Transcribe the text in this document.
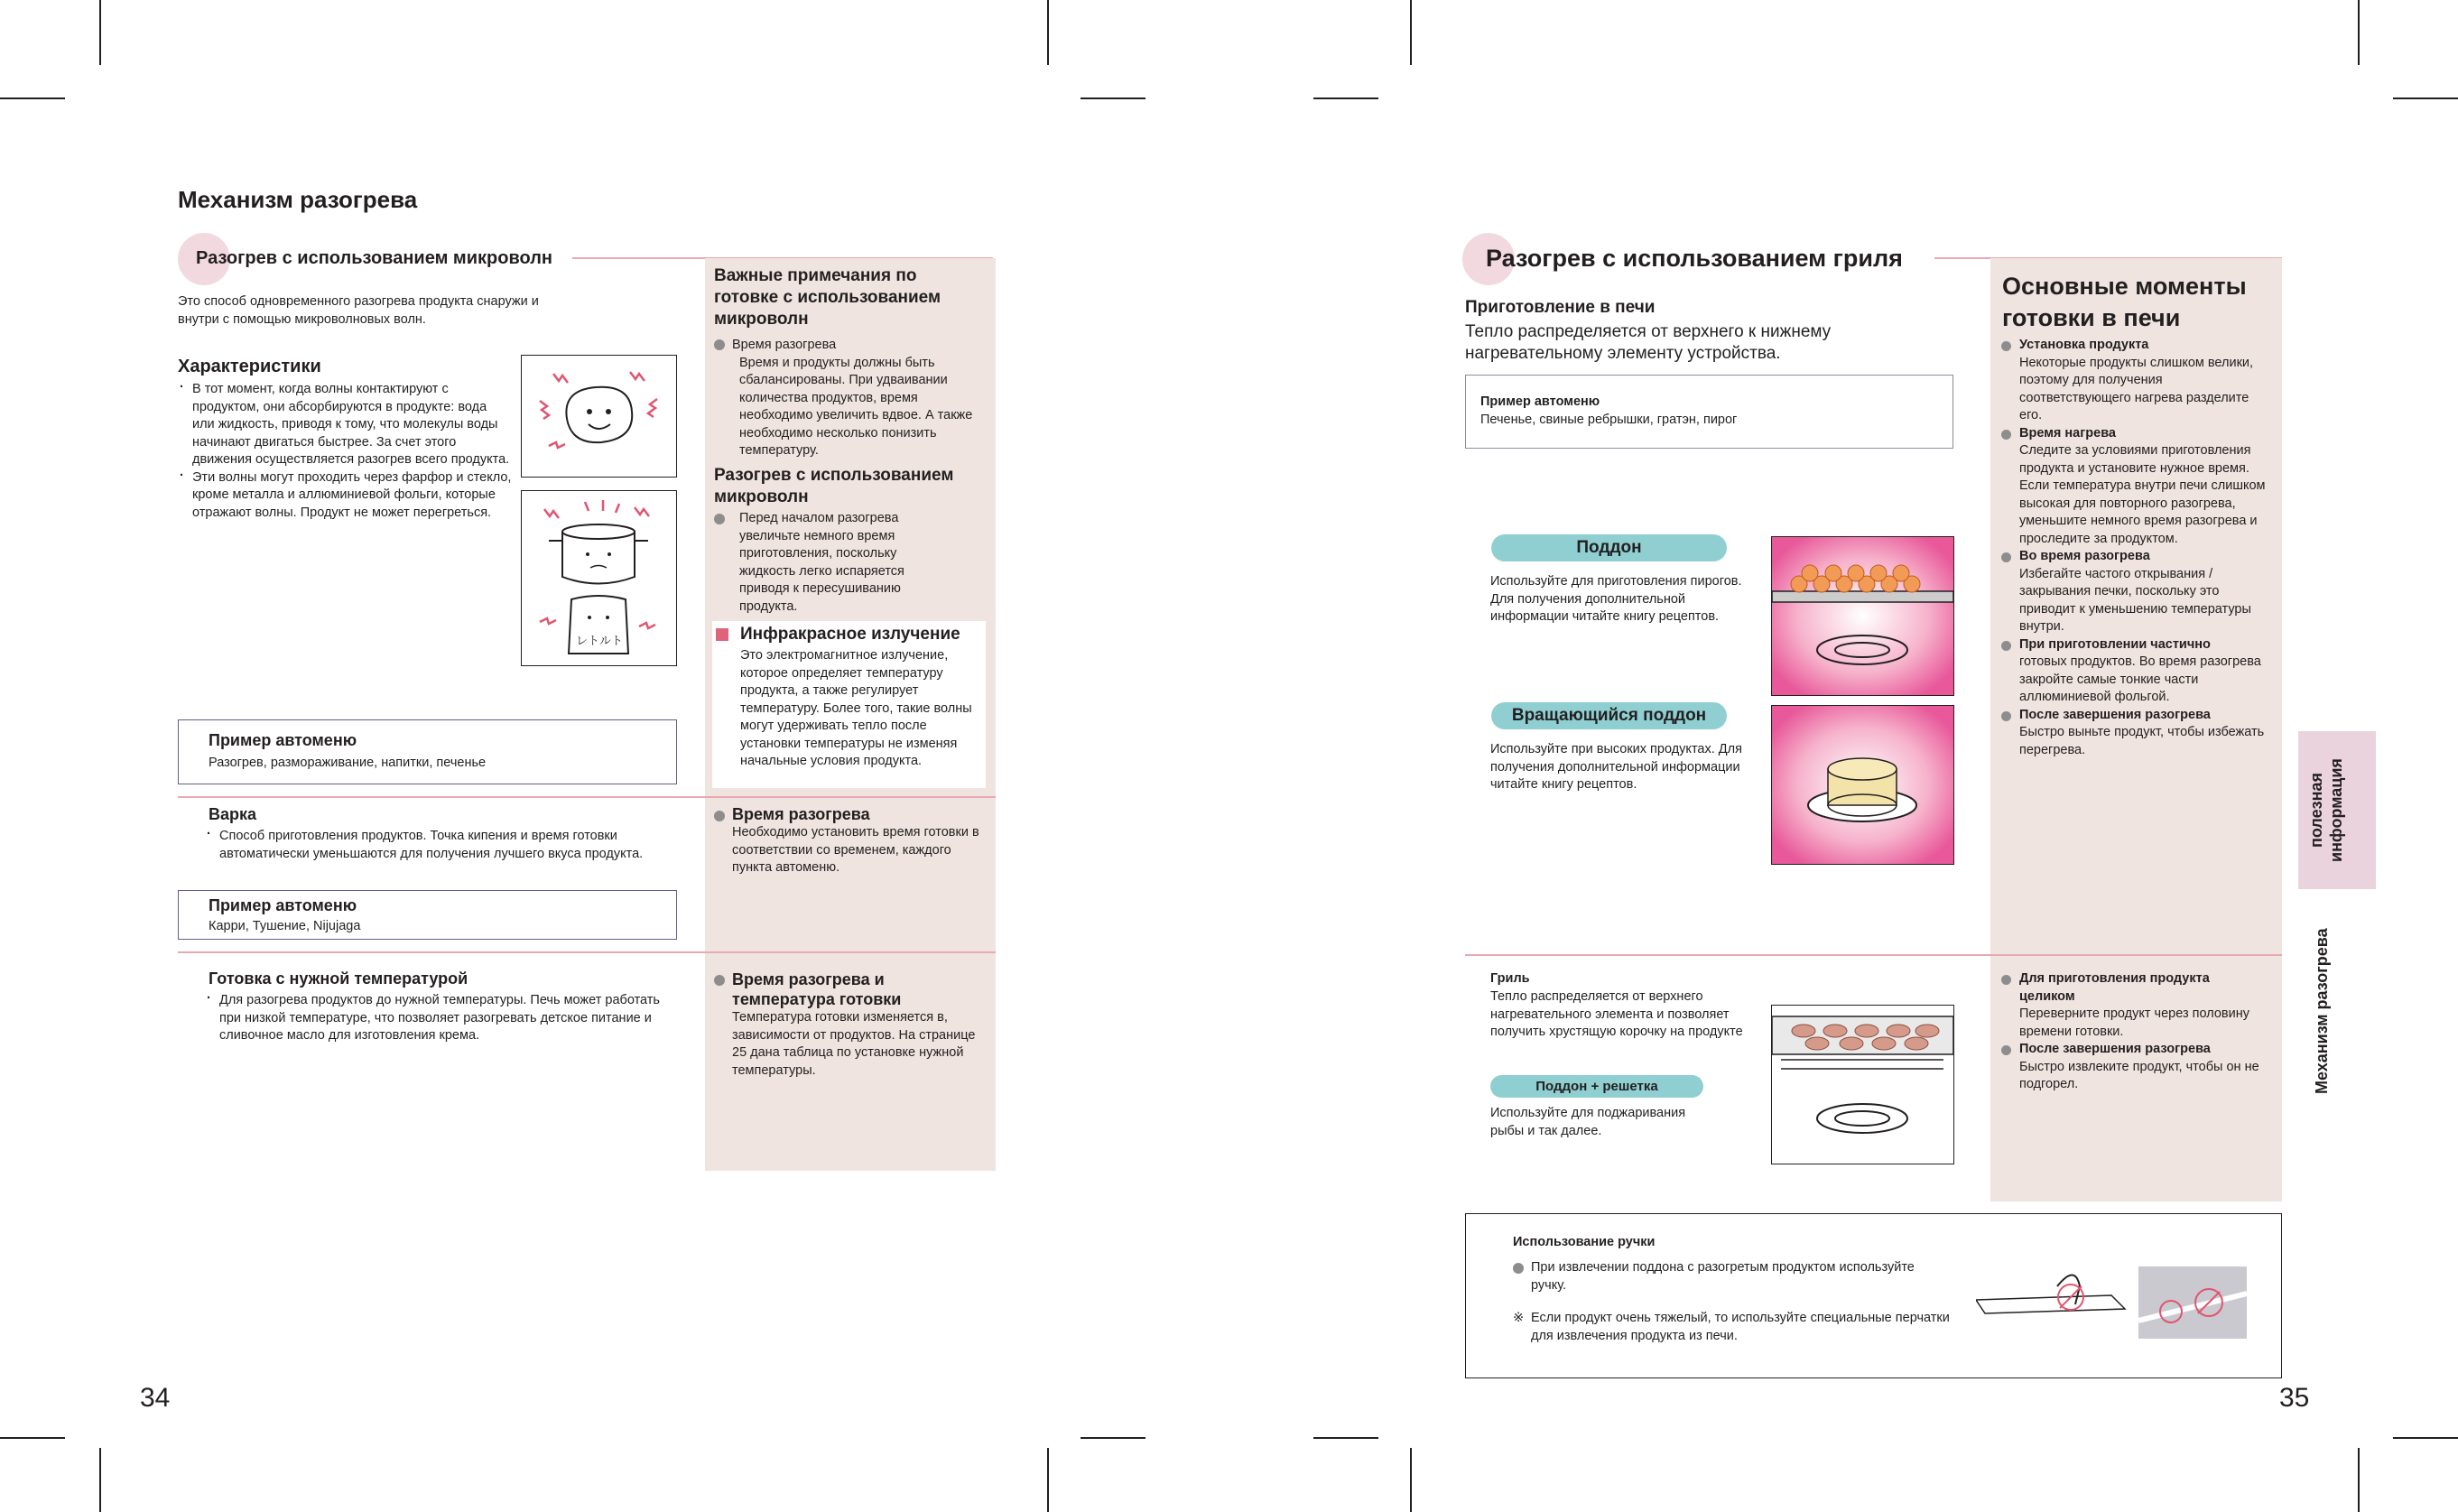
Механизм разогрева
Разогрев с использованием микроволн
Это способ одновременного разогрева продукта снаружи и внутри с помощью микроволновых волн.
Характеристики
· В тот момент, когда волны контактируют с продуктом, они абсорбируются в продукте: вода или жидкость, приводя к тому, что молекулы воды начинают двигаться быстрее. За счет этого движения осуществляется разогрев всего продукта.
· Эти волны могут проходить через фарфор и стекло, кроме металла и аллюминиевой фольги, которые отражают волны. Продукт не может перегреться.
レトルト
Пример автоменю
Разогрев, размораживание, напитки, печенье
Варка
· Способ приготовления продуктов. Точка кипения и время готовки автоматически уменьшаются для получения лучшего вкуса продукта.
Пример автоменю
Карри, Тушение, Nijujaga
Готовка с нужной температурой
· Для разогрева продуктов до нужной температуры. Печь может работать при низкой температуре, что позволяет разогревать детское питание и сливочное масло для изготовления крема.
Важные примечания по готовке с использованием микроволн
Время разогрева
Время и продукты должны быть сбалансированы. При удваивании количества продуктов, время необходимо увеличить вдвое. А также необходимо несколько понизить температуру.
Разогрев с использованием микроволн
Перед началом разогрева увеличьте немного время приготовления, поскольку жидкость легко испаряется приводя к пересушиванию продукта.
Инфракрасное излучение
Это электромагнитное излучение, которое определяет температуру продукта, а также регулирует температуру. Более того, такие волны могут удерживать тепло после установки температуры не изменяя начальные условия продукта.
Время разогрева
Необходимо установить время готовки в соответствии со временем, каждого пункта автоменю.
Время разогрева и температура готовки
Температура готовки изменяется в, зависимости от продуктов. На странице 25 дана таблица по установке нужной температуры.
34
Разогрев с использованием гриля
Приготовление в печи
Тепло распределяется от верхнего к нижнему нагревательному элементу устройства.
Пример автоменю
Печенье, свиные ребрышки, гратэн, пирог
Поддон
Используйте для приготовления пирогов. Для получения дополнительной информации читайте книгу рецептов.
Вращающийся поддон
Используйте при высоких продуктах. Для получения дополнительной информации читайте книгу рецептов.
Гриль
Тепло распределяется от верхнего нагревательного элемента и позволяет получить хрустящую корочку на продукте
Поддон + решетка
Используйте для поджаривания рыбы и так далее.
Использование ручки
При извлечении поддона с разогретым продуктом используйте ручку.
※ Если продукт очень тяжелый, то используйте специальные перчатки для извлечения продукта из печи.
Основные моменты готовки в печи
Установка продукта
Некоторые продукты слишком велики, поэтому для получения соответствующего нагрева разделите его.
Время нагрева
Следите за условиями приготовления продукта и установите нужное время. Если температура внутри печи слишком высокая для повторного разогрева, уменьшите немного время разогрева и проследите за продуктом.
Во время разогрева
Избегайте частого открывания / закрывания печки, поскольку это приводит к уменьшению температуры внутри.
При приготовлении частично
готовых продуктов. Во время разогрева закройте самые тонкие части аллюминиевой фольгой.
После завершения разогрева
Быстро выньте продукт, чтобы избежать перегрева.
Для приготовления продукта целиком
Переверните продукт через половину времени готовки.
После завершения разогрева
Быстро извлеките продукт, чтобы он не подгорел.
полезная информация
Механизм разогрева
35
